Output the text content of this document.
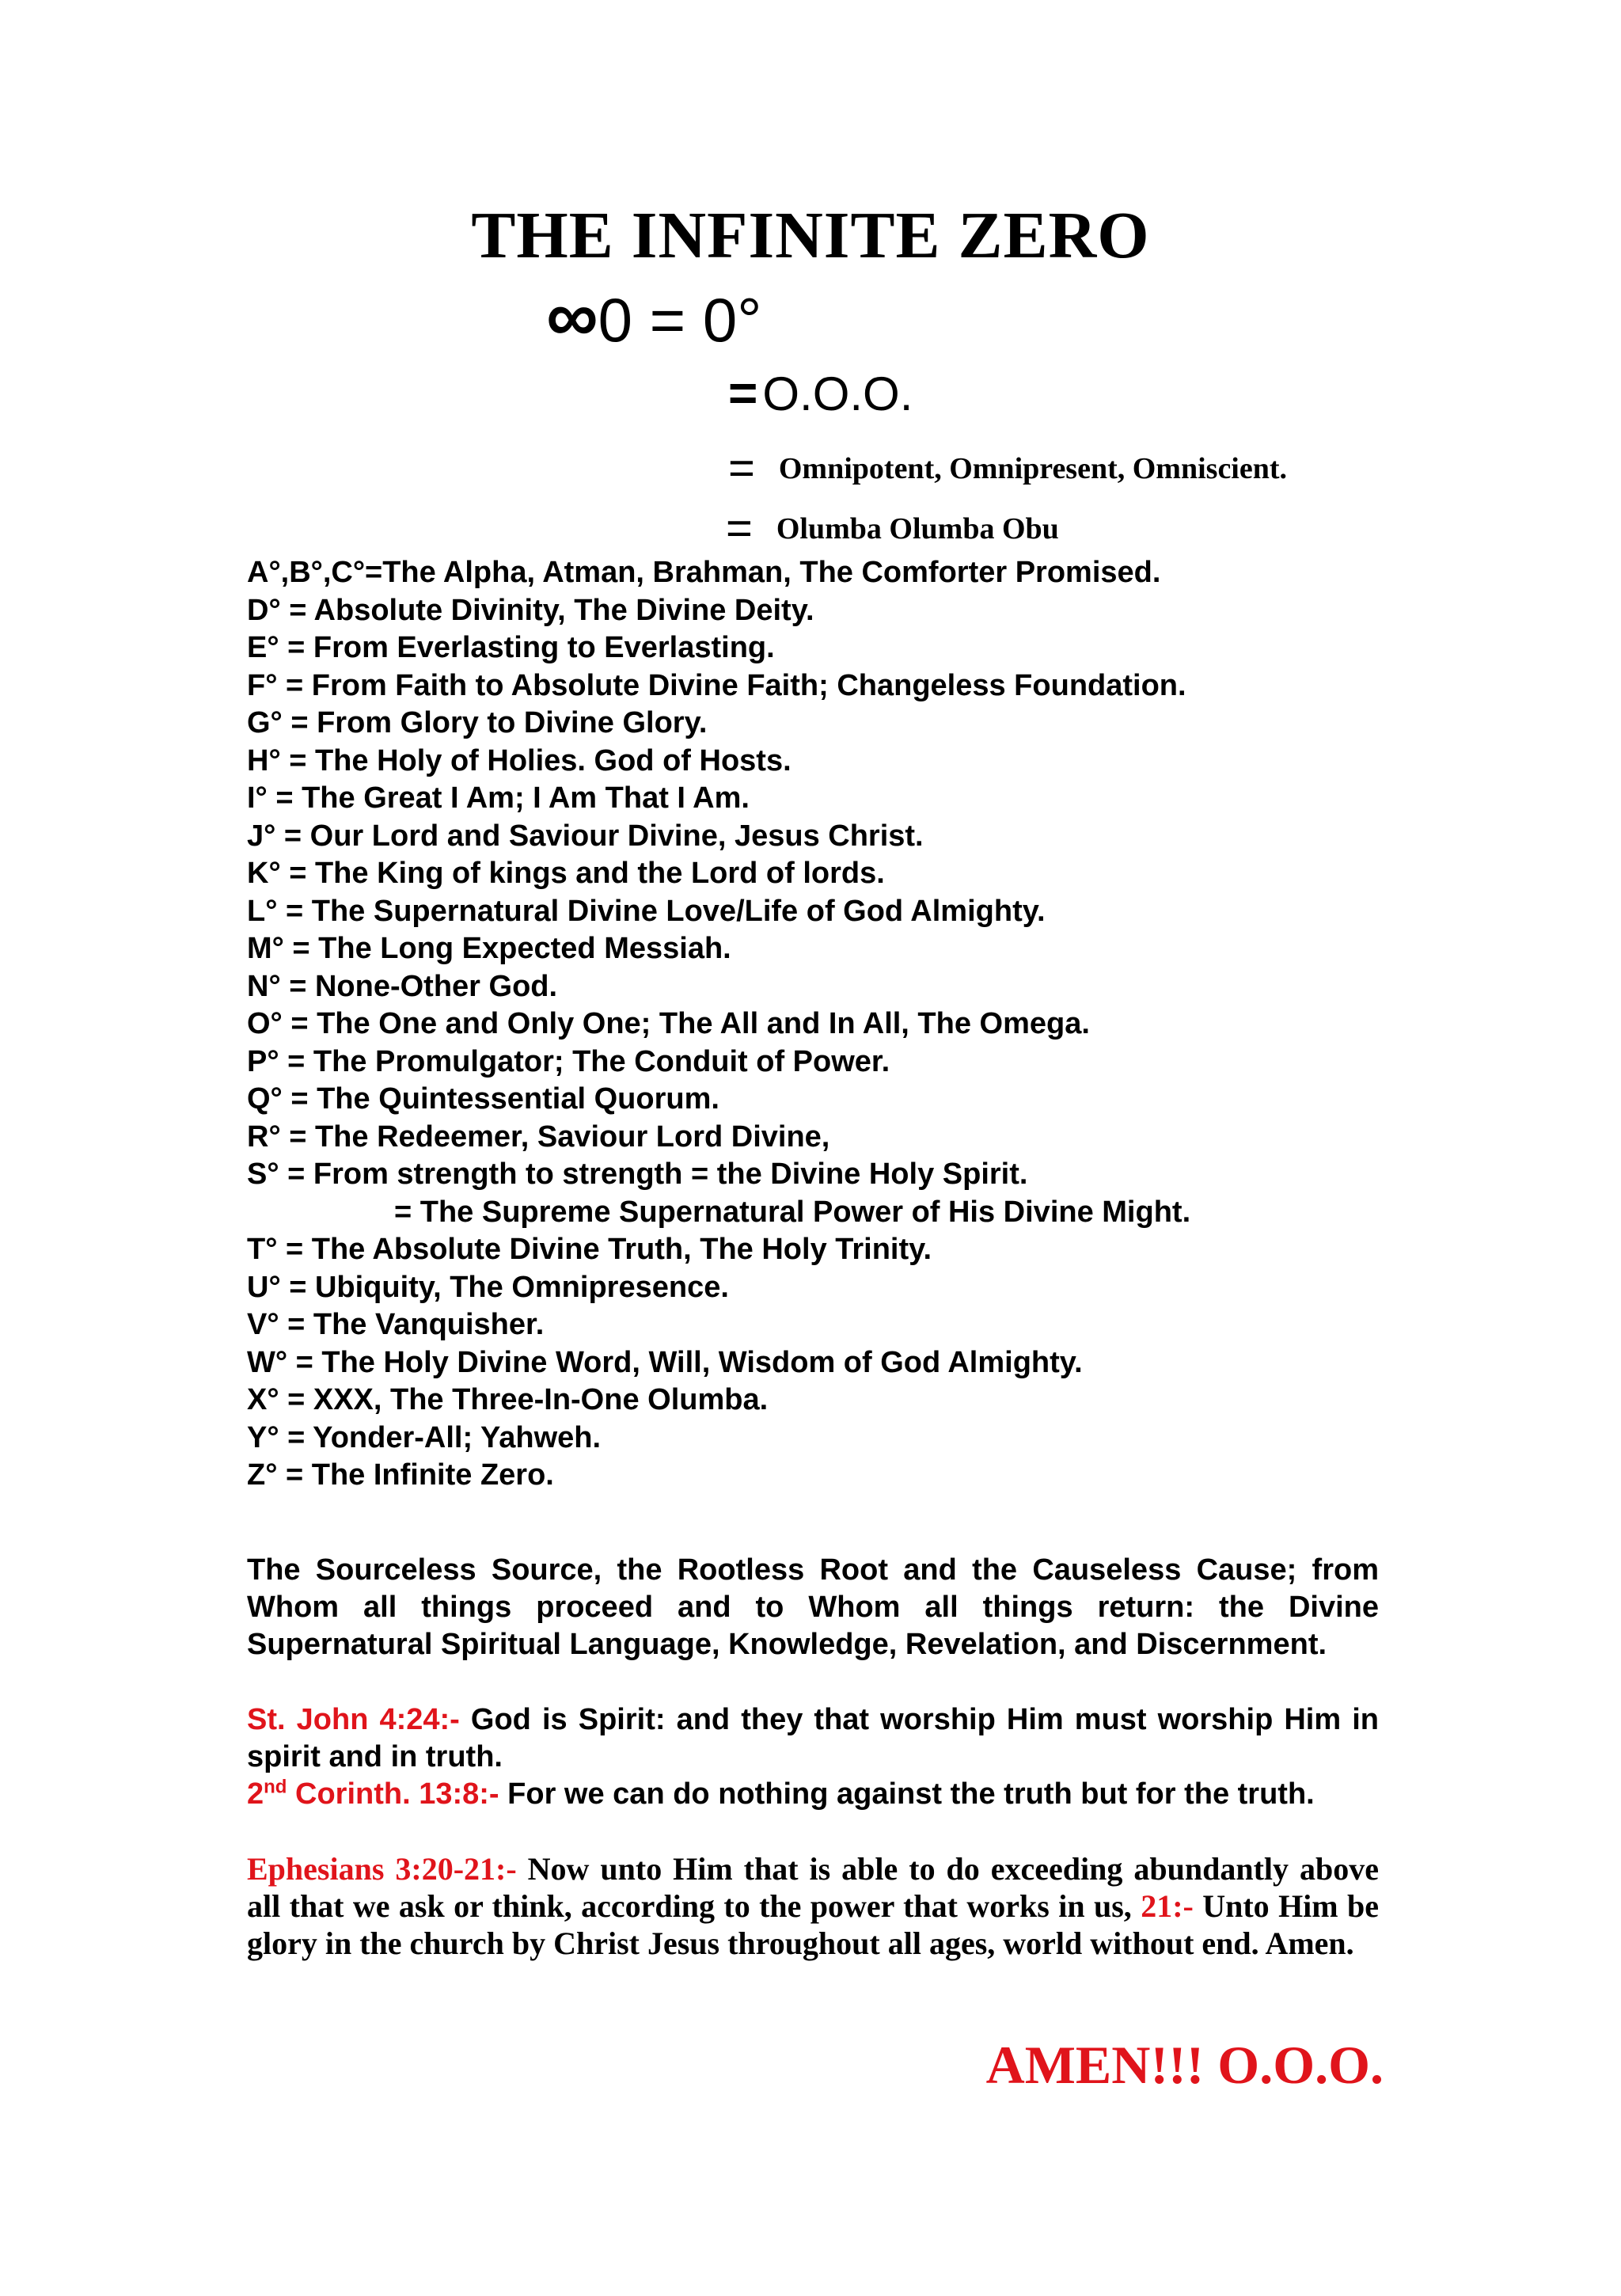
THE INFINITE ZERO
∞0 = 0°
= O.O.O.
= Omnipotent, Omnipresent, Omniscient.
= Olumba Olumba Obu
A°,B°,C°=The Alpha, Atman, Brahman, The Comforter Promised.
D° = Absolute Divinity, The Divine Deity.
E° = From Everlasting to Everlasting.
F° = From Faith to Absolute Divine Faith; Changeless Foundation.
G° = From Glory to Divine Glory.
H° = The Holy of Holies. God of Hosts.
I° = The Great I Am; I Am That I Am.
J° = Our Lord and Saviour Divine, Jesus Christ.
K° = The King of kings and the Lord of lords.
L° = The Supernatural Divine Love/Life of God Almighty.
M° = The Long Expected Messiah.
N° = None-Other God.
O° = The One and Only One; The All and In All, The Omega.
P° = The Promulgator; The Conduit of Power.
Q° = The Quintessential Quorum.
R° = The Redeemer, Saviour Lord Divine,
S° = From strength to strength = the Divine Holy Spirit.
= The Supreme Supernatural Power of His Divine Might.
T° = The Absolute Divine Truth, The Holy Trinity.
U° = Ubiquity, The Omnipresence.
V° = The Vanquisher.
W° = The Holy Divine Word, Will, Wisdom of God Almighty.
X° = XXX, The Three-In-One Olumba.
Y° = Yonder-All; Yahweh.
Z° = The Infinite Zero.

The Sourceless Source, the Rootless Root and the Causeless Cause; from Whom all things proceed and to Whom all things return: the Divine Supernatural Spiritual Language, Knowledge, Revelation, and Discernment.

St. John 4:24:- God is Spirit: and they that worship Him must worship Him in spirit and in truth.

2nd Corinth. 13:8:- For we can do nothing against the truth but for the truth.

Ephesians 3:20-21:- Now unto Him that is able to do exceeding abundantly above all that we ask or think, according to the power that works in us, 21:- Unto Him be glory in the church by Christ Jesus throughout all ages, world without end. Amen.

AMEN!!! O.O.O.
